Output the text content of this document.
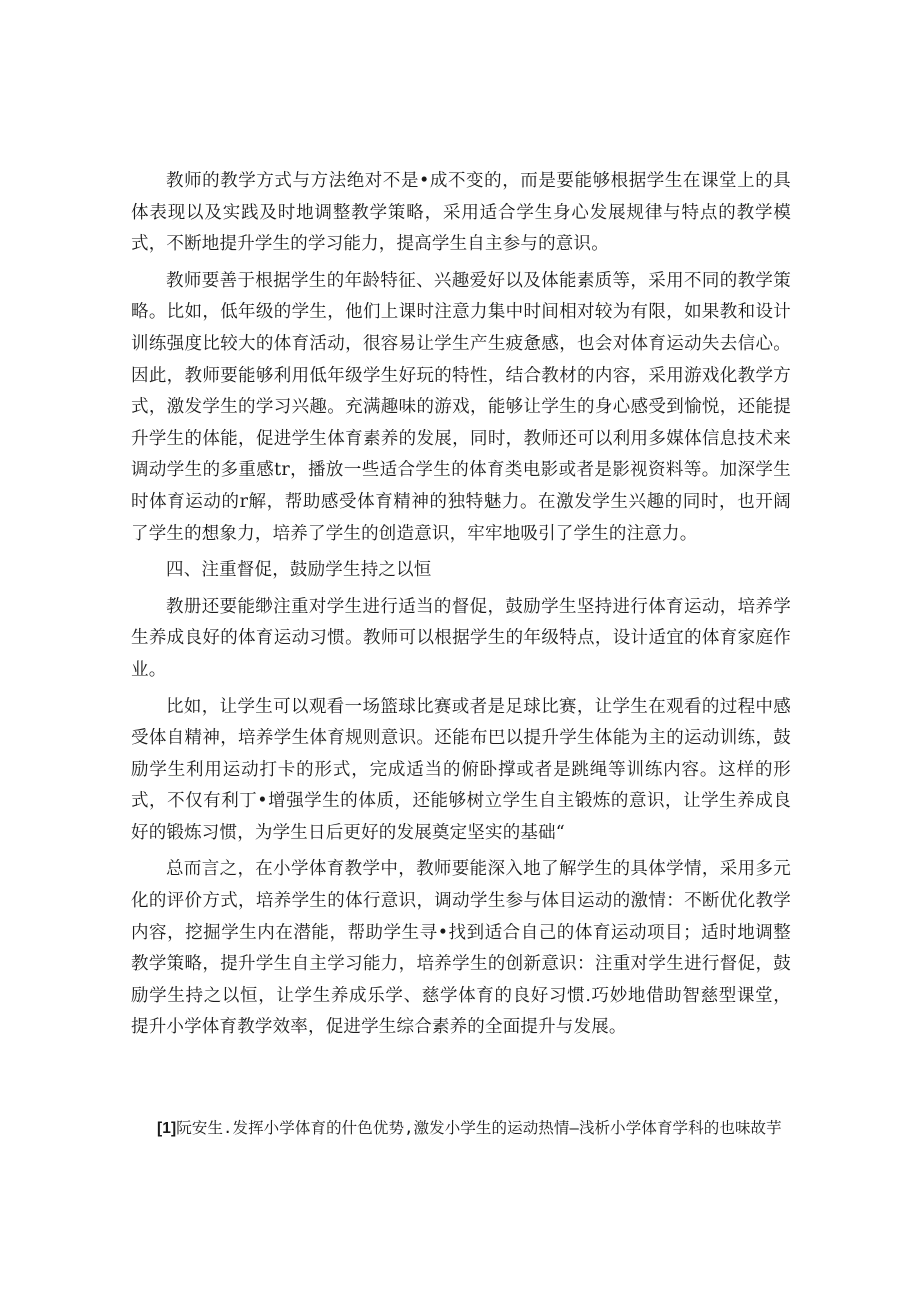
教师的教学方式与方法绝对不是•成不变的，而是要能够根据学生在课堂上的具体表现以及实践及时地调整教学策略，采用适合学生身心发展规律与特点的教学模式，不断地提升学生的学习能力，提高学生自主参与的意识。

教师要善于根据学生的年龄特征、兴趣爱好以及体能素质等，采用不同的教学策略。比如，低年级的学生，他们上课时注意力集中时间相对较为有限，如果教和设计训练强度比较大的体育活动，很容易让学生产生疲惫感，也会对体育运动失去信心。因此，教师要能够利用低年级学生好玩的特性，结合教材的内容，采用游戏化教学方式，激发学生的学习兴趣。充满趣味的游戏，能够让学生的身心感受到愉悦，还能提升学生的体能，促进学生体育素养的发展，同时，教师还可以利用多媒体信息技术来调动学生的多重感tr，播放一些适合学生的体育类电影或者是影视资料等。加深学生时体育运动的r解，帮助感受体育精神的独特魅力。在激发学生兴趣的同时，也开阔了学生的想象力，培养了学生的创造意识，牢牢地吸引了学生的注意力。

四、注重督促，鼓励学生持之以恒

教册还要能缈注重对学生进行适当的督促，鼓励学生坚持进行体育运动，培养学生养成良好的体育运动习惯。教师可以根据学生的年级特点，设计适宜的体育家庭作业。

比如，让学生可以观看一场篮球比赛或者是足球比赛，让学生在观看的过程中感受体自精神，培养学生体育规则意识。还能布巴以提升学生体能为主的运动训练，鼓励学生利用运动打卡的形式，完成适当的俯卧撑或者是跳绳等训练内容。这样的形式，不仅有利丁•增强学生的体质，还能够树立学生自主锻炼的意识，让学生养成良好的锻炼习惯，为学生日后更好的发展奠定坚实的基础“

总而言之，在小学体育教学中，教师要能深入地了解学生的具体学情，采用多元化的评价方式，培养学生的体行意识，调动学生参与体目运动的激情：不断优化教学内容，挖掘学生内在潜能，帮助学生寻•找到适合自己的体育运动项目；适时地调整教学策略，提升学生自主学习能力，培养学生的创新意识：注重对学生进行督促，鼓励学生持之以恒，让学生养成乐学、慈学体育的良好习惯.巧妙地借助智慈型课堂，提升小学体育教学效率，促进学生综合素养的全面提升与发展。

[1]阮安生.发挥小学体育的什色优势,激发小学生的运动热情—浅析小学体育学科的也味故芋
